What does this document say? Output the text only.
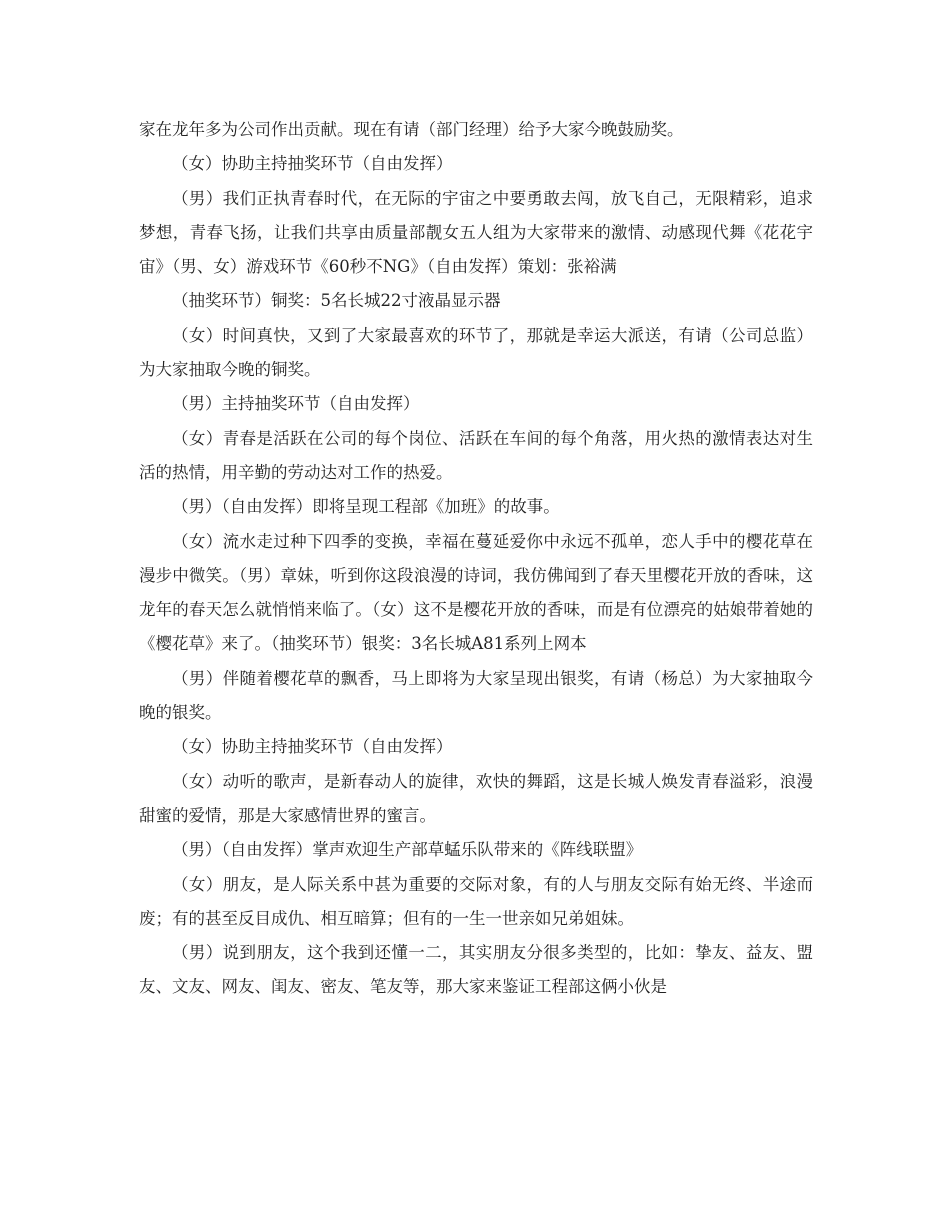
家在龙年多为公司作出贡献。现在有请（部门经理）给予大家今晚鼓励奖。

（女）协助主持抽奖环节（自由发挥）

（男）我们正执青春时代，在无际的宇宙之中要勇敢去闯，放飞自己，无限精彩，追求梦想，青春飞扬，让我们共享由质量部靓女五人组为大家带来的激情、动感现代舞《花花宇宙》（男、女）游戏环节《60秒不NG》（自由发挥）策划：张裕满

（抽奖环节）铜奖：5名长城22寸液晶显示器

（女）时间真快，又到了大家最喜欢的环节了，那就是幸运大派送，有请（公司总监）为大家抽取今晚的铜奖。

（男）主持抽奖环节（自由发挥）

（女）青春是活跃在公司的每个岗位、活跃在车间的每个角落，用火热的激情表达对生活的热情，用辛勤的劳动达对工作的热爱。

（男）（自由发挥）即将呈现工程部《加班》的故事。

（女）流水走过种下四季的变换，幸福在蔓延爱你中永远不孤单，恋人手中的樱花草在漫步中微笑。（男）章妹，听到你这段浪漫的诗词，我仿佛闻到了春天里樱花开放的香味，这龙年的春天怎么就悄悄来临了。（女）这不是樱花开放的香味，而是有位漂亮的姑娘带着她的《樱花草》来了。（抽奖环节）银奖：3名长城A81系列上网本

（男）伴随着樱花草的飘香，马上即将为大家呈现出银奖，有请（杨总）为大家抽取今晚的银奖。

（女）协助主持抽奖环节（自由发挥）

（女）动听的歌声，是新春动人的旋律，欢快的舞蹈，这是长城人焕发青春溢彩，浪漫甜蜜的爱情，那是大家感情世界的蜜言。

（男）（自由发挥）掌声欢迎生产部草蜢乐队带来的《阵线联盟》

（女）朋友，是人际关系中甚为重要的交际对象，有的人与朋友交际有始无终、半途而废；有的甚至反目成仇、相互暗算；但有的一生一世亲如兄弟姐妹。

（男）说到朋友，这个我到还懂一二，其实朋友分很多类型的，比如：挚友、益友、盟友、文友、网友、闺友、密友、笔友等，那大家来鉴证工程部这俩小伙是
